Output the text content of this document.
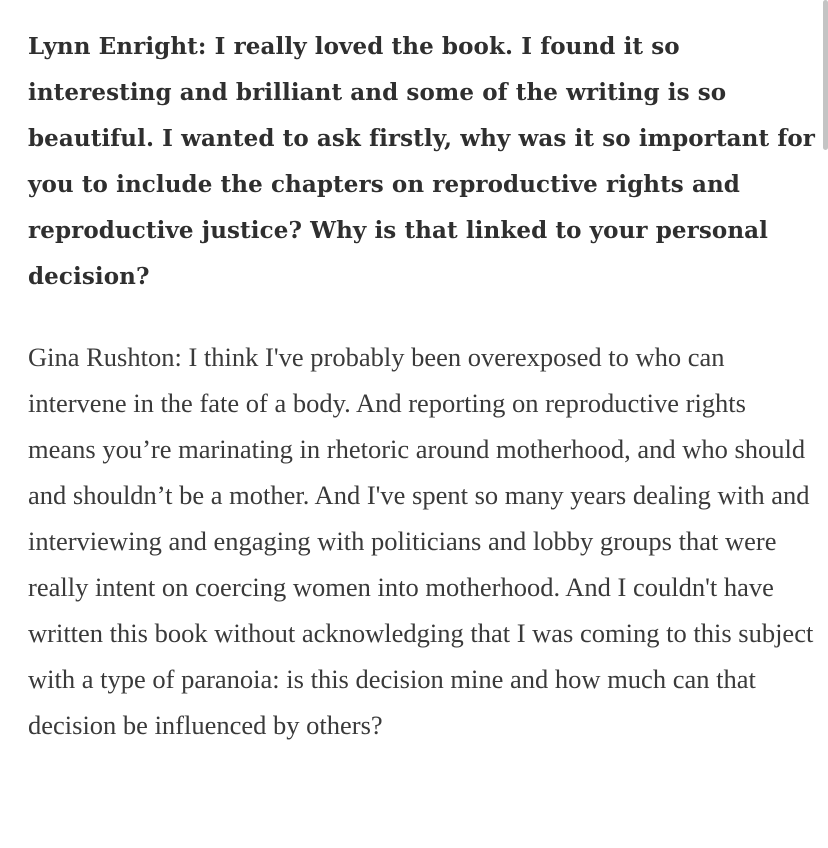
Lynn Enright: I really loved the book. I found it so interesting and brilliant and some of the writing is so beautiful. I wanted to ask firstly, why was it so important for you to include the chapters on reproductive rights and reproductive justice? Why is that linked to your personal decision?

Gina Rushton: I think I've probably been overexposed to who can intervene in the fate of a body. And reporting on reproductive rights means you’re marinating in rhetoric around motherhood, and who should and shouldn’t be a mother. And I've spent so many years dealing with and interviewing and engaging with politicians and lobby groups that were really intent on coercing women into motherhood. And I couldn't have written this book without acknowledging that I was coming to this subject with a type of paranoia: is this decision mine and how much can that decision be influenced by others?
